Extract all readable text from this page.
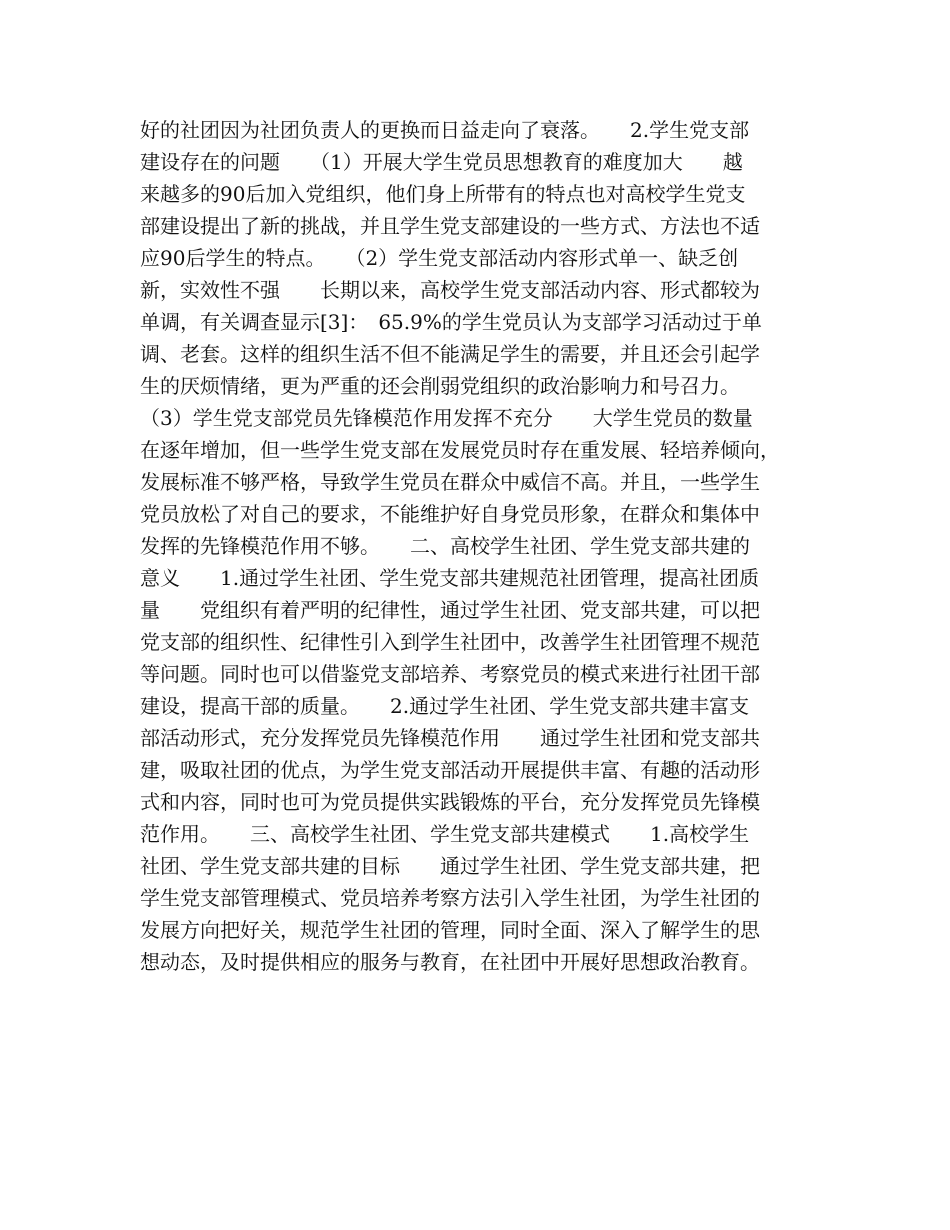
好的社团因为社团负责人的更换而日益走向了衰落。　　2.学生党支部
建设存在的问题　　（1）开展大学生党员思想教育的难度加大　　越
来越多的90后加入党组织，他们身上所带有的特点也对高校学生党支
部建设提出了新的挑战，并且学生党支部建设的一些方式、方法也不适
应90后学生的特点。　　（2）学生党支部活动内容形式单一、缺乏创
新，实效性不强　　长期以来，高校学生党支部活动内容、形式都较为
单调，有关调查显示[3]：　65.9%的学生党员认为支部学习活动过于单
调、老套。这样的组织生活不但不能满足学生的需要，并且还会引起学
生的厌烦情绪，更为严重的还会削弱党组织的政治影响力和号召力。
（3）学生党支部党员先锋模范作用发挥不充分　　大学生党员的数量
在逐年增加，但一些学生党支部在发展党员时存在重发展、轻培养倾向，
发展标准不够严格，导致学生党员在群众中威信不高。并且，一些学生
党员放松了对自己的要求，不能维护好自身党员形象，在群众和集体中
发挥的先锋模范作用不够。　　二、高校学生社团、学生党支部共建的
意义　　1.通过学生社团、学生党支部共建规范社团管理，提高社团质
量　　党组织有着严明的纪律性，通过学生社团、党支部共建，可以把
党支部的组织性、纪律性引入到学生社团中，改善学生社团管理不规范
等问题。同时也可以借鉴党支部培养、考察党员的模式来进行社团干部
建设，提高干部的质量。　　2.通过学生社团、学生党支部共建丰富支
部活动形式，充分发挥党员先锋模范作用　　通过学生社团和党支部共
建，吸取社团的优点，为学生党支部活动开展提供丰富、有趣的活动形
式和内容，同时也可为党员提供实践锻炼的平台，充分发挥党员先锋模
范作用。　　三、高校学生社团、学生党支部共建模式　　1.高校学生
社团、学生党支部共建的目标　　通过学生社团、学生党支部共建，把
学生党支部管理模式、党员培养考察方法引入学生社团，为学生社团的
发展方向把好关，规范学生社团的管理，同时全面、深入了解学生的思
想动态，及时提供相应的服务与教育，在社团中开展好思想政治教育。
